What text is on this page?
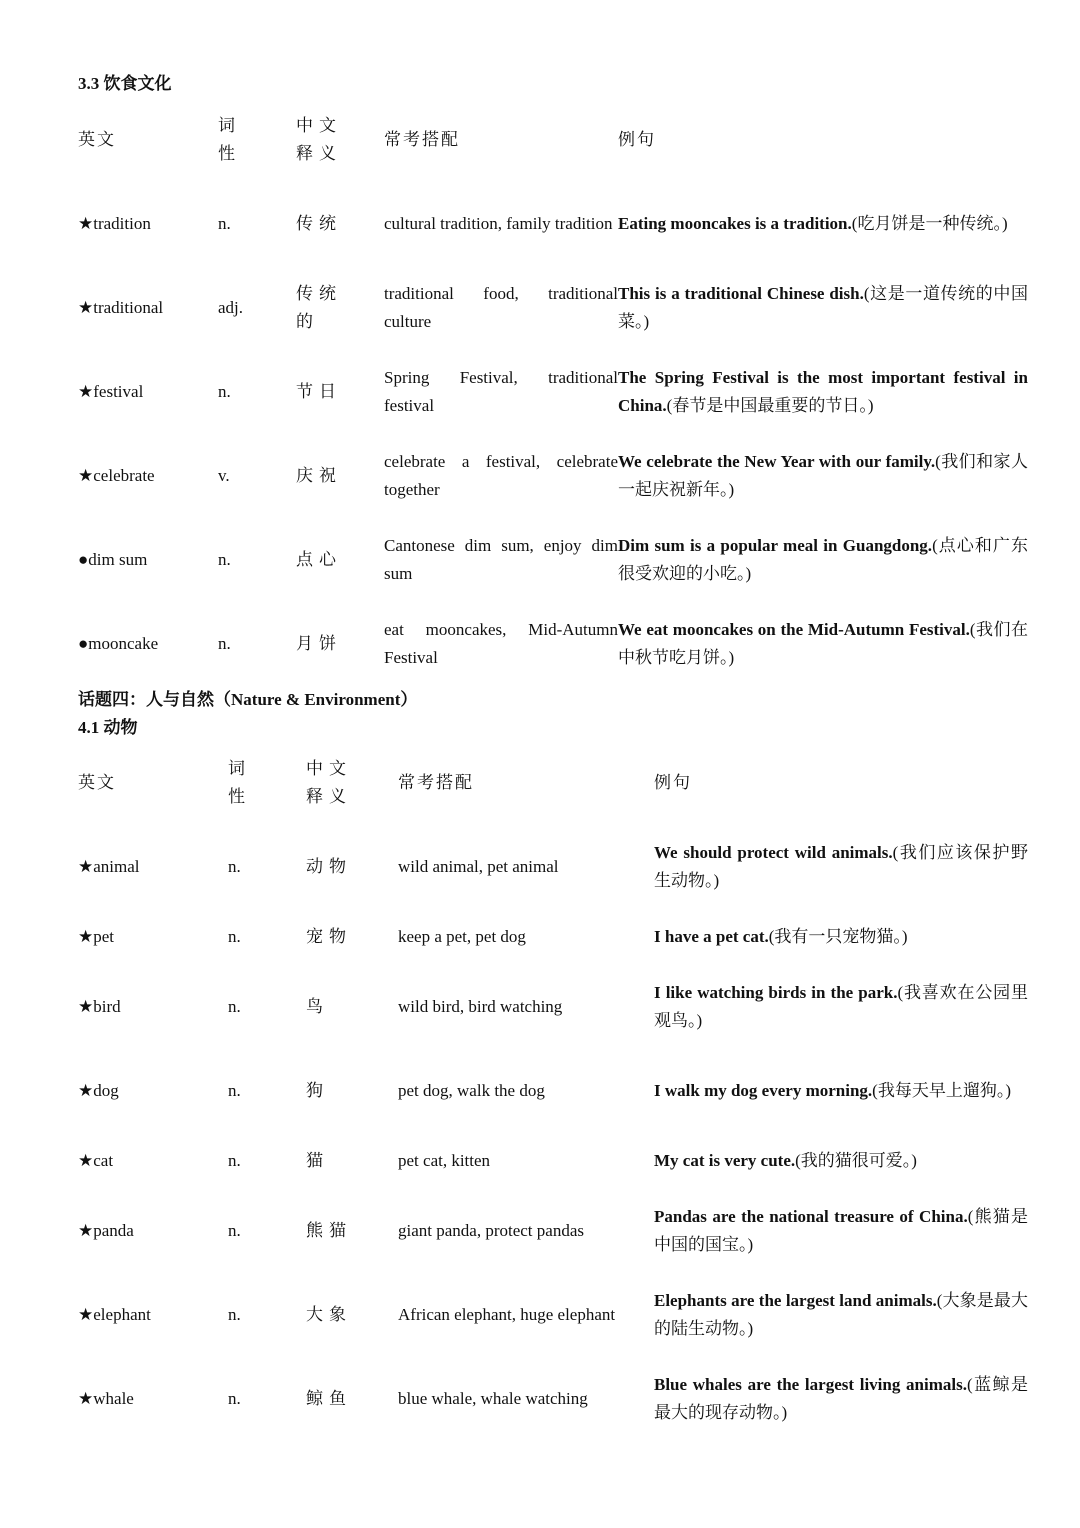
3.3 饮食文化
英文	词性	中文释义	常考搭配	例句
★tradition	n.	传统	cultural tradition, family tradition	Eating mooncakes is a tradition.(吃月饼是一种传统。)
★traditional	adj.	传统的	traditional food, traditional culture	This is a traditional Chinese dish.(这是一道传统的中国菜。)
★festival	n.	节日	Spring Festival, traditional festival	The Spring Festival is the most important festival in China.(春节是中国最重要的节日。)
★celebrate	v.	庆祝	celebrate a festival, celebrate together	We celebrate the New Year with our family.(我们和家人一起庆祝新年。)
●dim sum	n.	点心	Cantonese dim sum, enjoy dim sum	Dim sum is a popular meal in Guangdong.(点心和广东很受欢迎的小吃。)
●mooncake	n.	月饼	eat mooncakes, Mid-Autumn Festival	We eat mooncakes on the Mid-Autumn Festival.(我们在中秋节吃月饼。)
话题四：人与自然（Nature & Environment）
4.1 动物
英文	词性	中文释义	常考搭配	例句
★animal	n.	动物	wild animal, pet animal	We should protect wild animals.(我们应该保护野生动物。)
★pet	n.	宠物	keep a pet, pet dog	I have a pet cat.(我有一只宠物猫。)
★bird	n.	鸟	wild bird, bird watching	I like watching birds in the park.(我喜欢在公园里观鸟。)
★dog	n.	狗	pet dog, walk the dog	I walk my dog every morning.(我每天早上遛狗。)
★cat	n.	猫	pet cat, kitten	My cat is very cute.(我的猫很可爱。)
★panda	n.	熊猫	giant panda, protect pandas	Pandas are the national treasure of China.(熊猫是中国的国宝。)
★elephant	n.	大象	African elephant, huge elephant	Elephants are the largest land animals.(大象是最大的陆生动物。)
★whale	n.	鲸鱼	blue whale, whale watching	Blue whales are the largest living animals.(蓝鲸是最大的现存动物。)
